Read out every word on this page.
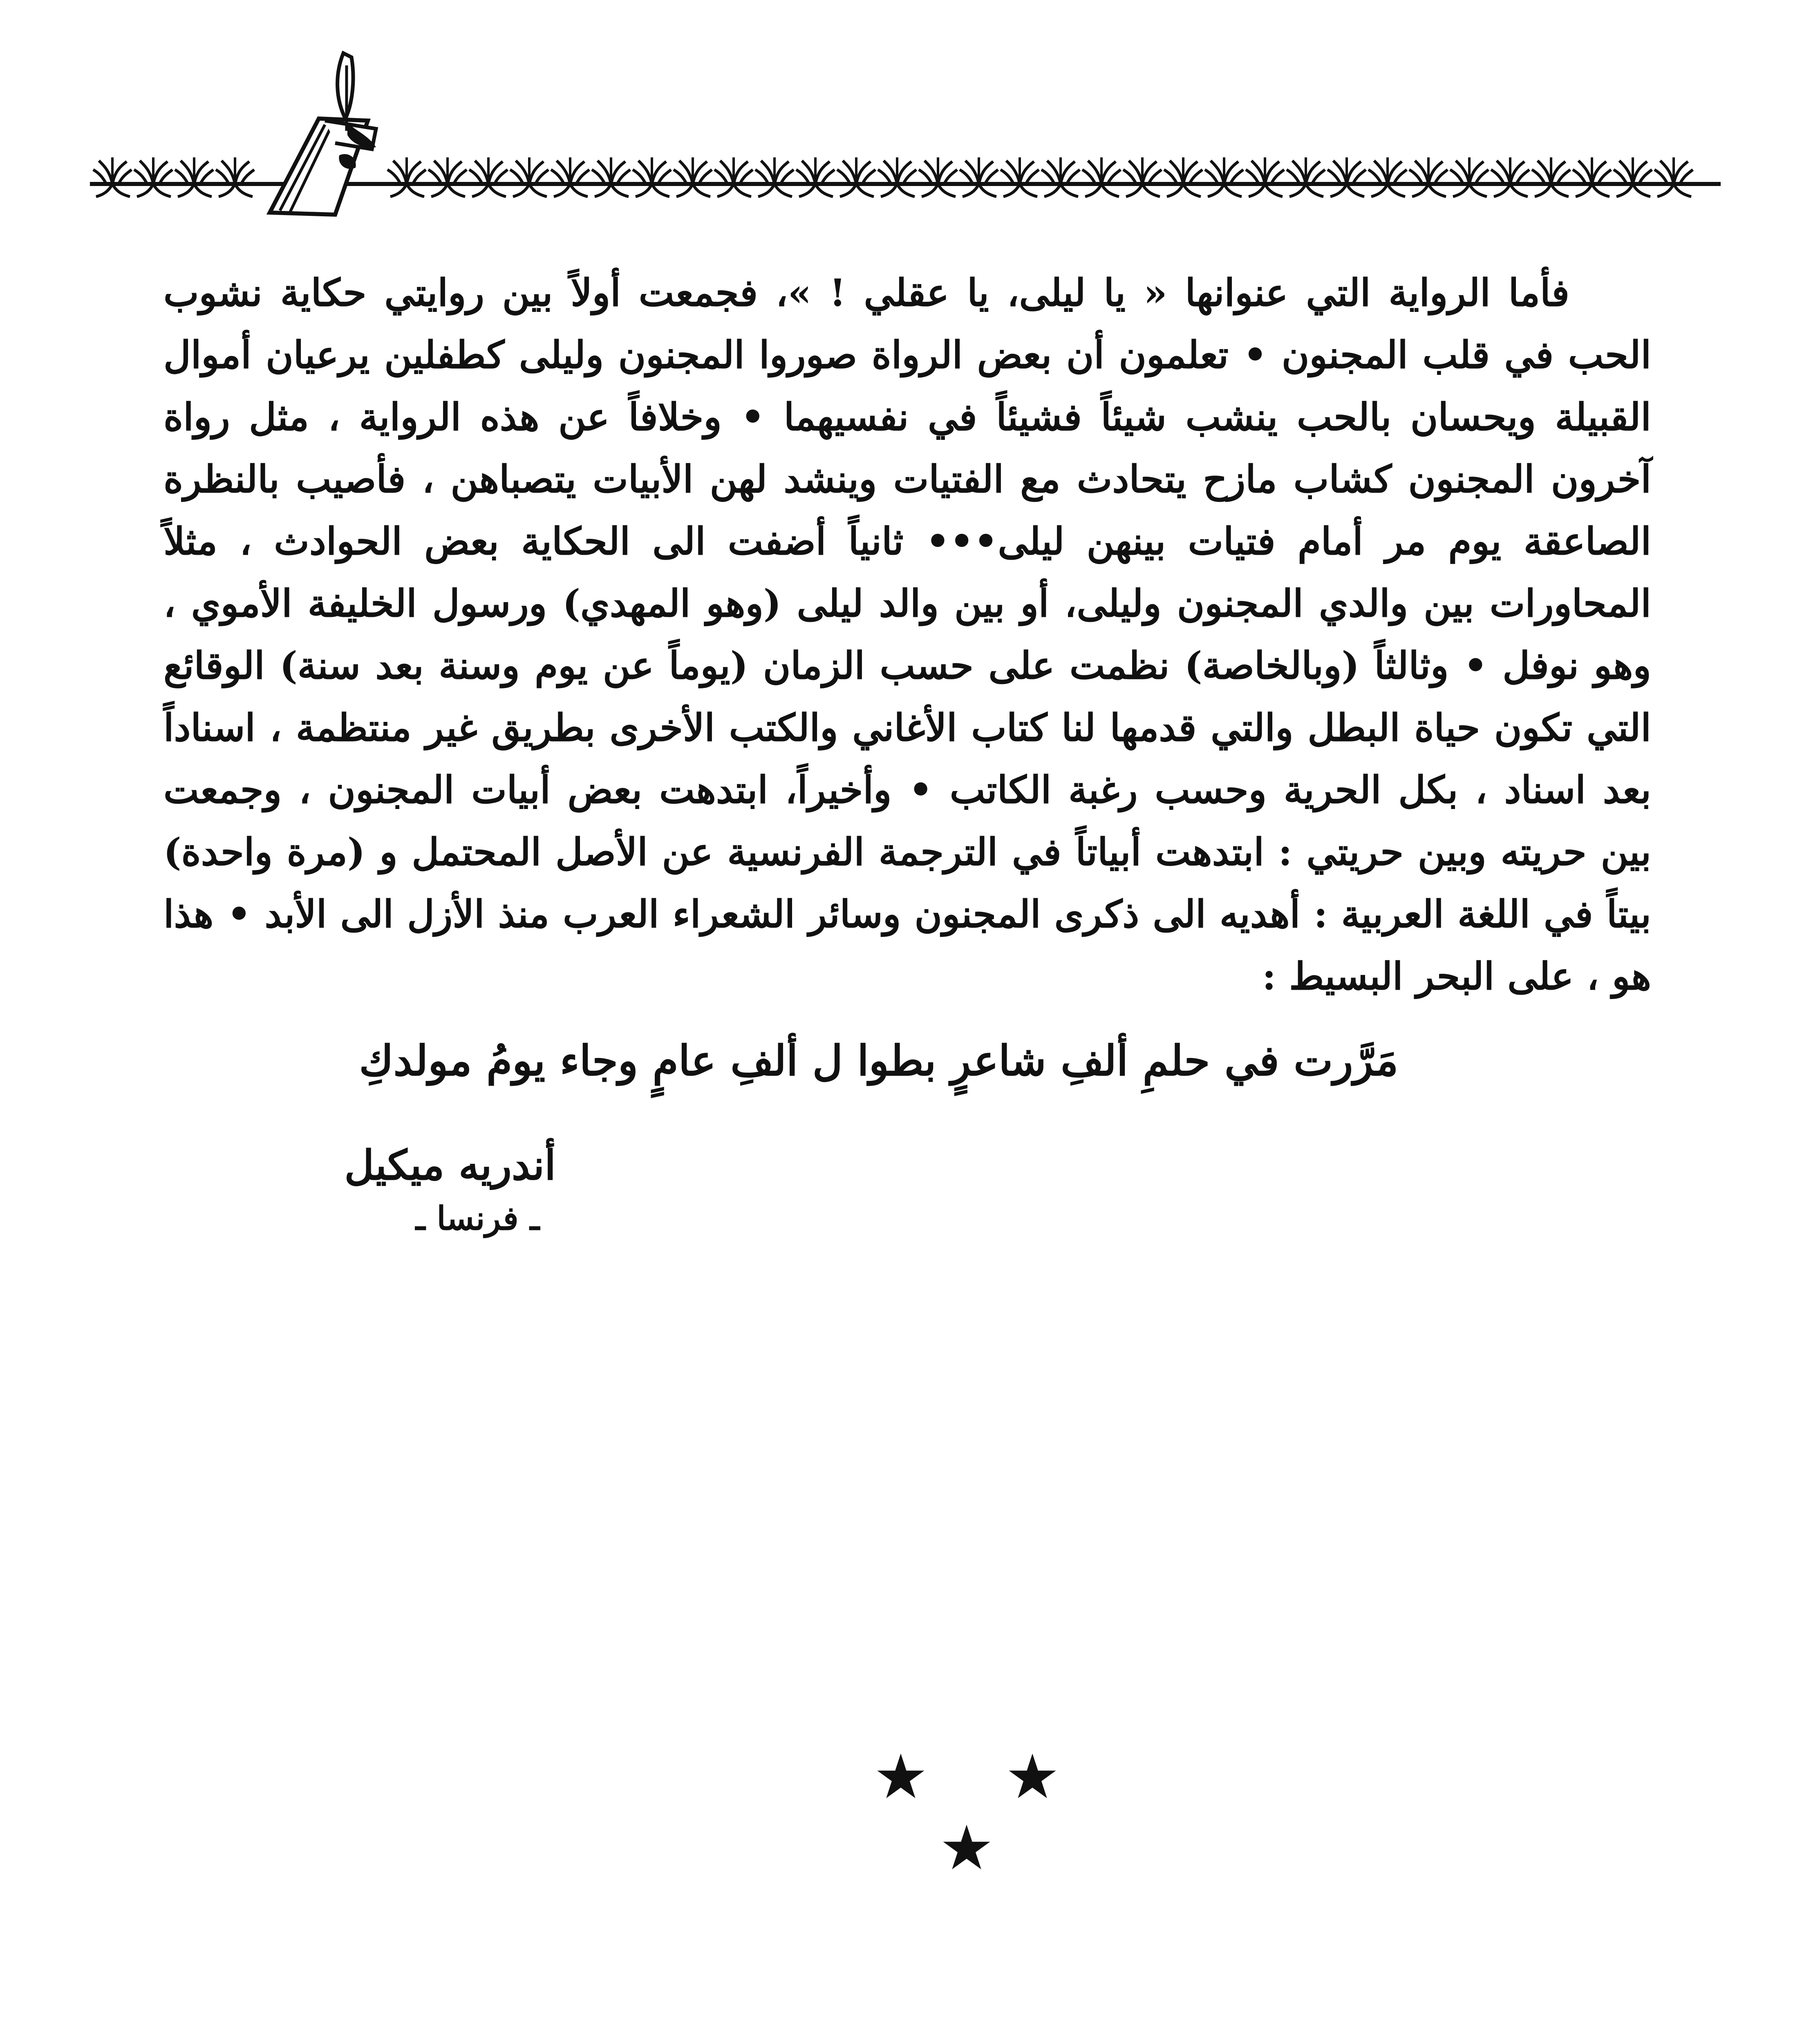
فأما الرواية التي عنوانها « يا ليلى، يا عقلي ! »، فجمعت أولاً بين روايتي حكاية نشوب الحب في قلب المجنون • تعلمون أن بعض الرواة صوروا المجنون وليلى كطفلين يرعيان أموال القبيلة ويحسان بالحب ينشب شيئاً فشيئاً في نفسيهما • وخلافاً عن هذه الرواية ، مثل رواة آخرون المجنون كشاب مازح يتحادث مع الفتيات وينشد لهن الأبيات يتصباهن ، فأصيب بالنظرة الصاعقة يوم مر أمام فتيات بينهن ليلى••• ثانياً أضفت الى الحكاية بعض الحوادث ، مثلاً المحاورات بين والدي المجنون وليلى، أو بين والد ليلى (وهو المهدي) ورسول الخليفة الأموي ، وهو نوفل • وثالثاً (وبالخاصة) نظمت على حسب الزمان (يوماً عن يوم وسنة بعد سنة) الوقائع التي تكون حياة البطل والتي قدمها لنا كتاب الأغاني والكتب الأخرى بطريق غير منتظمة ، اسناداً بعد اسناد ، بكل الحرية وحسب رغبة الكاتب • وأخيراً، ابتدهت بعض أبيات المجنون ، وجمعت بين حريته وبين حريتي : ابتدهت أبياتاً في الترجمة الفرنسية عن الأصل المحتمل و (مرة واحدة) بيتاً في اللغة العربية : أهديه الى ذكرى المجنون وسائر الشعراء العرب منذ الأزل الى الأبد • هذا هو ، على البحر البسيط :

مَرَّرت في حلمِ ألفِ شاعرٍ بطوا ل ألفِ عامٍ وجاء يومُ مولدكِ
أندريه ميكيل
ـ فرنسا ـ
★ ★ ★
